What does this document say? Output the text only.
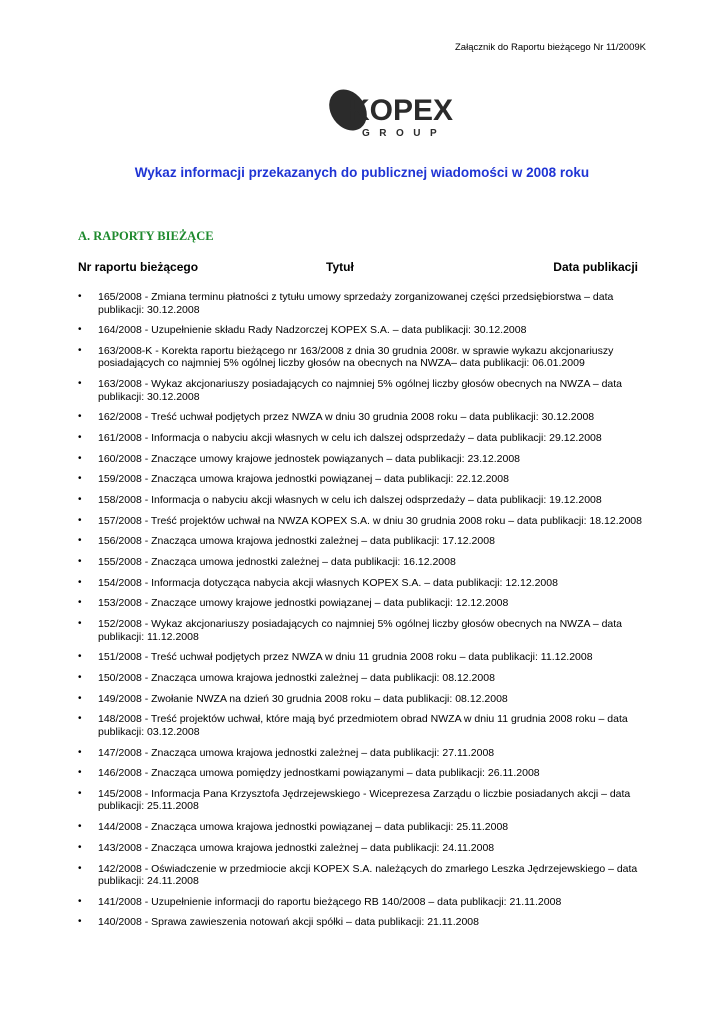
Załącznik do Raportu bieżącego Nr 11/2009K
KOPEX
GROUP
Wykaz informacji przekazanych do publicznej wiadomości w 2008 roku
A. RAPORTY BIEŻĄCE
Nr raportu bieżącego	Tytuł	Data publikacji
• 165/2008 - Zmiana terminu płatności z tytułu umowy sprzedaży zorganizowanej części przedsiębiorstwa – data publikacji: 30.12.2008
• 164/2008 - Uzupełnienie składu Rady Nadzorczej KOPEX S.A. – data publikacji: 30.12.2008
• 163/2008-K - Korekta raportu bieżącego nr 163/2008 z dnia 30 grudnia 2008r. w sprawie wykazu akcjonariuszy posiadających co najmniej 5% ogólnej liczby głosów na obecnych na NWZA– data publikacji: 06.01.2009
• 163/2008 - Wykaz akcjonariuszy posiadających co najmniej 5% ogólnej liczby głosów obecnych na NWZA – data publikacji: 30.12.2008
• 162/2008 - Treść uchwał podjętych przez NWZA w dniu 30 grudnia 2008 roku – data publikacji: 30.12.2008
• 161/2008 - Informacja o nabyciu akcji własnych w celu ich dalszej odsprzedaży – data publikacji: 29.12.2008
• 160/2008 - Znaczące umowy krajowe jednostek powiązanych – data publikacji: 23.12.2008
• 159/2008 - Znacząca umowa krajowa jednostki powiązanej – data publikacji: 22.12.2008
• 158/2008 - Informacja o nabyciu akcji własnych w celu ich dalszej odsprzedaży – data publikacji: 19.12.2008
• 157/2008 - Treść projektów uchwał na NWZA KOPEX S.A. w dniu 30 grudnia 2008 roku – data publikacji: 18.12.2008
• 156/2008 - Znacząca umowa krajowa jednostki zależnej – data publikacji: 17.12.2008
• 155/2008 - Znacząca umowa jednostki zależnej – data publikacji: 16.12.2008
• 154/2008 - Informacja dotycząca nabycia akcji własnych KOPEX S.A. – data publikacji: 12.12.2008
• 153/2008 - Znaczące umowy krajowe jednostki powiązanej – data publikacji: 12.12.2008
• 152/2008 - Wykaz akcjonariuszy posiadających co najmniej 5% ogólnej liczby głosów obecnych na NWZA – data publikacji: 11.12.2008
• 151/2008 - Treść uchwał podjętych przez NWZA w dniu 11 grudnia 2008 roku – data publikacji: 11.12.2008
• 150/2008 - Znacząca umowa krajowa jednostki zależnej – data publikacji: 08.12.2008
• 149/2008 - Zwołanie NWZA na dzień 30 grudnia 2008 roku – data publikacji: 08.12.2008
• 148/2008 - Treść projektów uchwał, które mają być przedmiotem obrad NWZA w dniu 11 grudnia 2008 roku – data publikacji: 03.12.2008
• 147/2008 - Znacząca umowa krajowa jednostki zależnej – data publikacji: 27.11.2008
• 146/2008 - Znacząca umowa pomiędzy jednostkami powiązanymi – data publikacji: 26.11.2008
• 145/2008 - Informacja Pana Krzysztofa Jędrzejewskiego - Wiceprezesa Zarządu o liczbie posiadanych akcji – data publikacji: 25.11.2008
• 144/2008 - Znacząca umowa krajowa jednostki powiązanej – data publikacji: 25.11.2008
• 143/2008 - Znacząca umowa krajowa jednostki zależnej – data publikacji: 24.11.2008
• 142/2008 - Oświadczenie w przedmiocie akcji KOPEX S.A. należących do zmarłego Leszka Jędrzejewskiego – data publikacji: 24.11.2008
• 141/2008 - Uzupełnienie informacji do raportu bieżącego RB 140/2008 – data publikacji: 21.11.2008
• 140/2008 - Sprawa zawieszenia notowań akcji spółki – data publikacji: 21.11.2008
